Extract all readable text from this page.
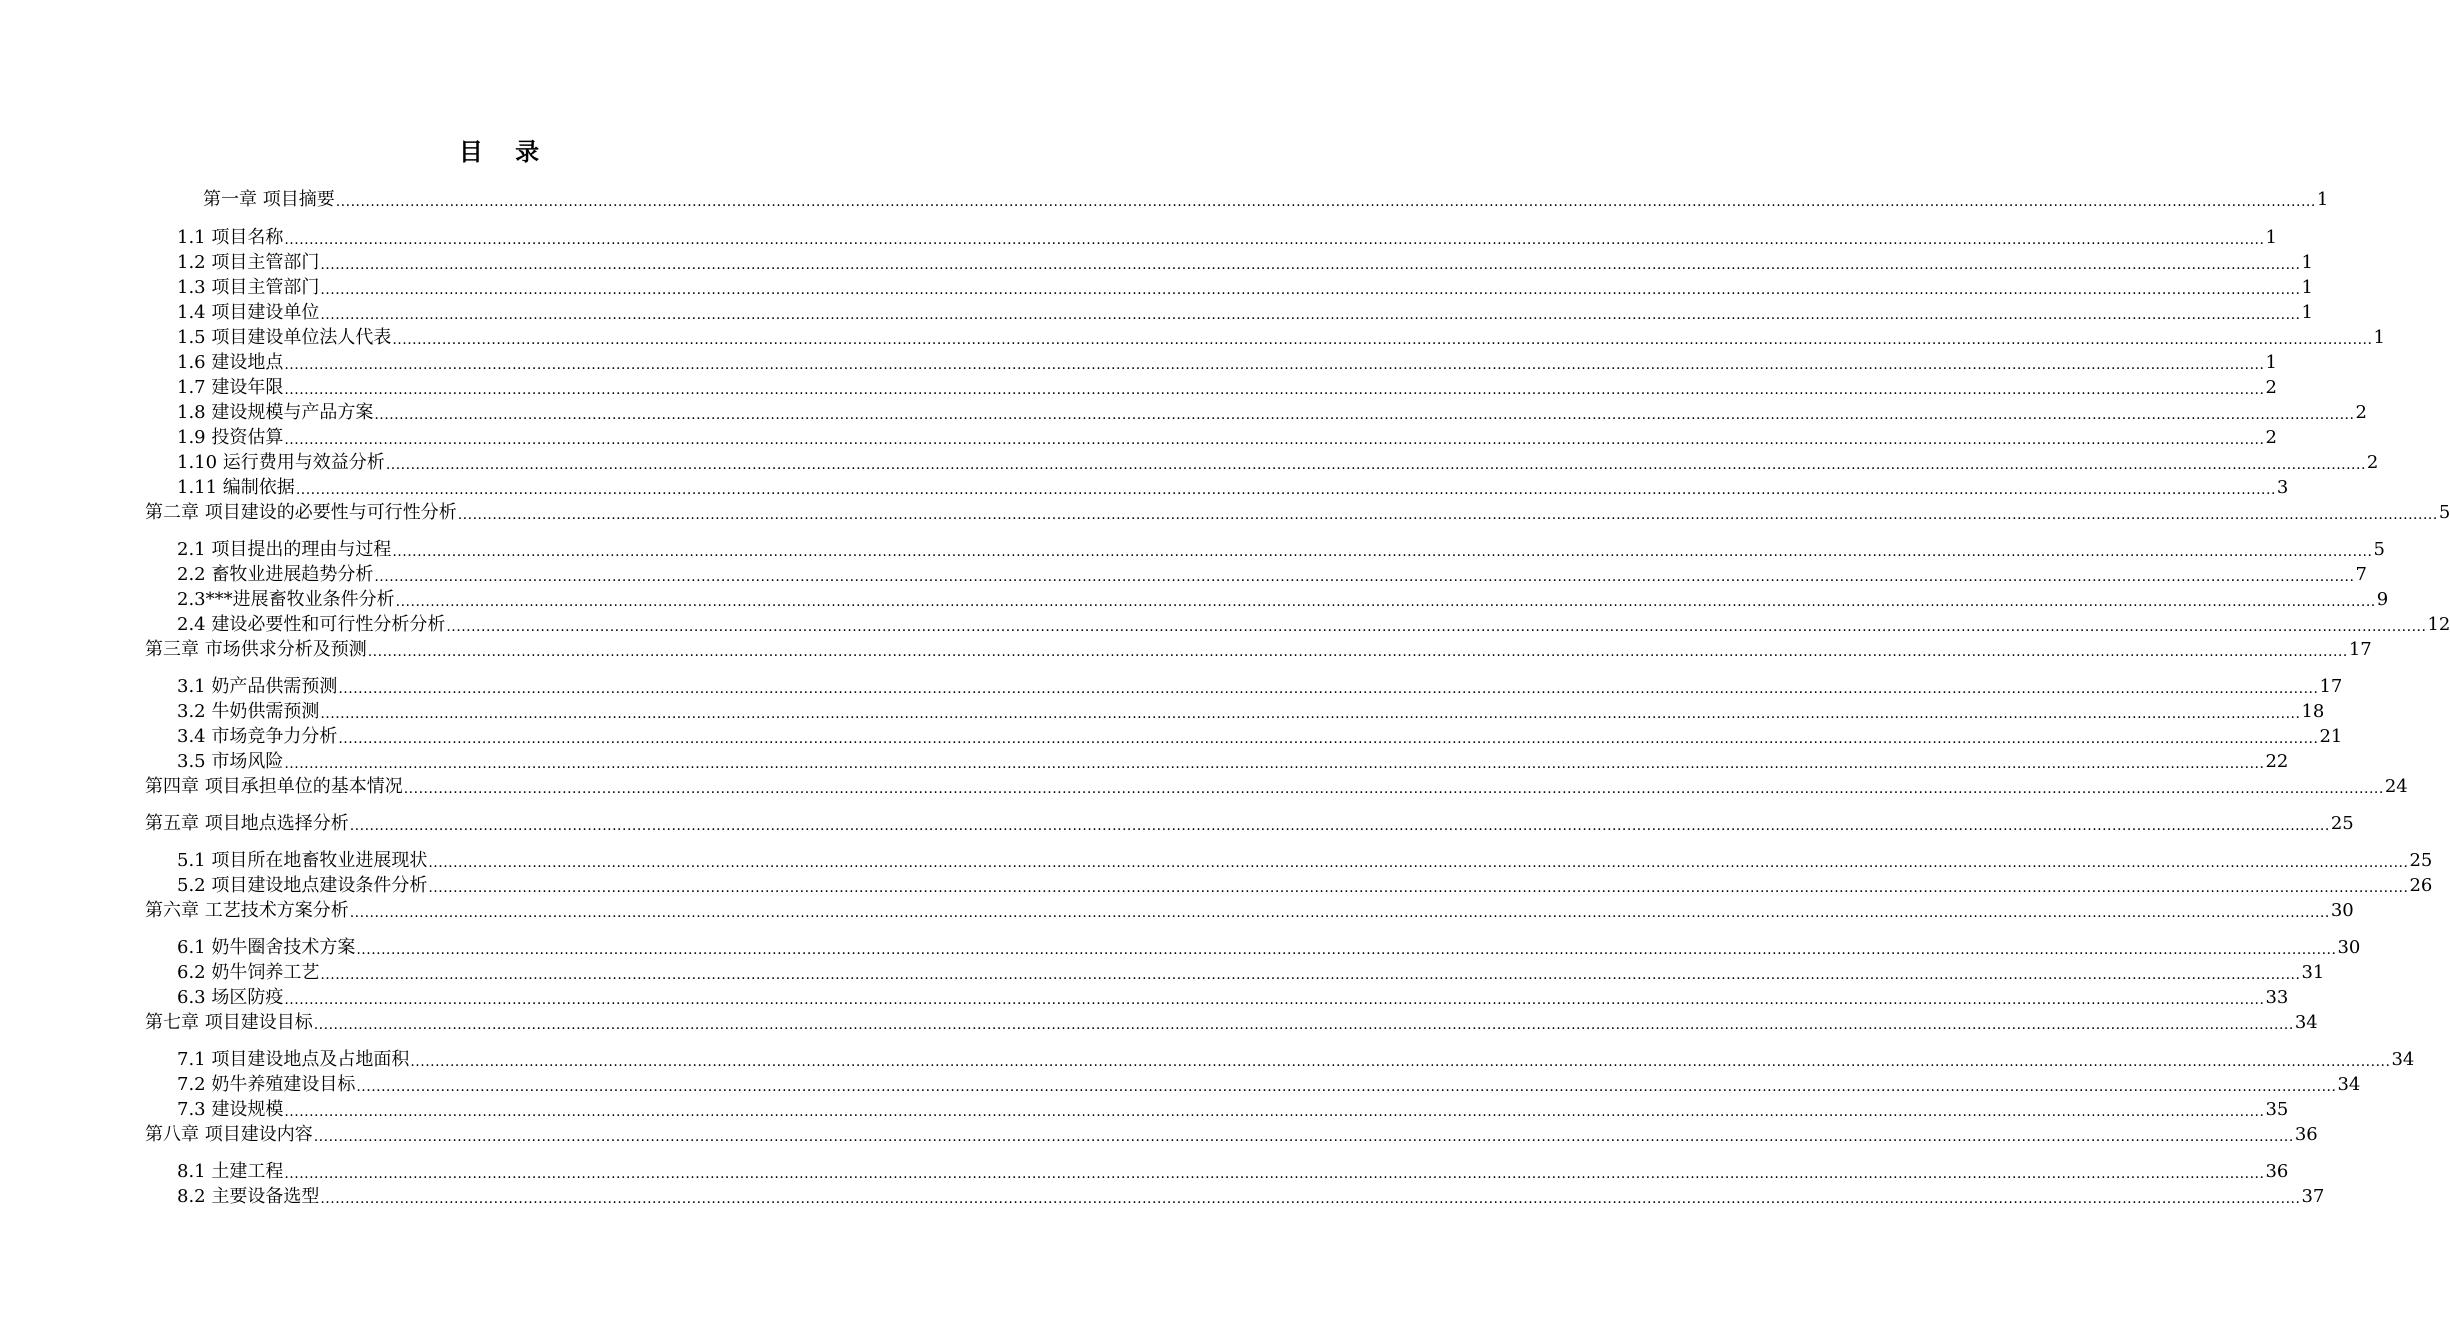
目 录
第一章 项目摘要 ................................................................................................................................................................................................................................................................................................................................................................................................................ 1
1.1 项目名称 ................................................................................................................................................................................................................................................................................................................................................................................................................ 1
1.2 项目主管部门 ................................................................................................................................................................................................................................................................................................................................................................................................................ 1
1.3 项目主管部门 ................................................................................................................................................................................................................................................................................................................................................................................................................ 1
1.4 项目建设单位 ................................................................................................................................................................................................................................................................................................................................................................................................................ 1
1.5 项目建设单位法人代表 ................................................................................................................................................................................................................................................................................................................................................................................................................ 1
1.6 建设地点 ................................................................................................................................................................................................................................................................................................................................................................................................................ 1
1.7 建设年限 ................................................................................................................................................................................................................................................................................................................................................................................................................ 2
1.8 建设规模与产品方案 ................................................................................................................................................................................................................................................................................................................................................................................................................ 2
1.9 投资估算 ................................................................................................................................................................................................................................................................................................................................................................................................................ 2
1.10 运行费用与效益分析 ................................................................................................................................................................................................................................................................................................................................................................................................................ 2
1.11 编制依据 ................................................................................................................................................................................................................................................................................................................................................................................................................ 3
第二章 项目建设的必要性与可行性分析 ................................................................................................................................................................................................................................................................................................................................................................................................................ 5
2.1 项目提出的理由与过程 ................................................................................................................................................................................................................................................................................................................................................................................................................ 5
2.2 畜牧业进展趋势分析 ................................................................................................................................................................................................................................................................................................................................................................................................................ 7
2.3***进展畜牧业条件分析 ................................................................................................................................................................................................................................................................................................................................................................................................................ 9
2.4 建设必要性和可行性分析分析 ................................................................................................................................................................................................................................................................................................................................................................................................................ 12
第三章 市场供求分析及预测 ................................................................................................................................................................................................................................................................................................................................................................................................................ 17
3.1 奶产品供需预测 ................................................................................................................................................................................................................................................................................................................................................................................................................ 17
3.2 牛奶供需预测 ................................................................................................................................................................................................................................................................................................................................................................................................................ 18
3.4 市场竞争力分析 ................................................................................................................................................................................................................................................................................................................................................................................................................ 21
3.5 市场风险 ................................................................................................................................................................................................................................................................................................................................................................................................................ 22
第四章 项目承担单位的基本情况 ................................................................................................................................................................................................................................................................................................................................................................................................................ 24
第五章 项目地点选择分析 ................................................................................................................................................................................................................................................................................................................................................................................................................ 25
5.1 项目所在地畜牧业进展现状 ................................................................................................................................................................................................................................................................................................................................................................................................................ 25
5.2 项目建设地点建设条件分析 ................................................................................................................................................................................................................................................................................................................................................................................................................ 26
第六章 工艺技术方案分析 ................................................................................................................................................................................................................................................................................................................................................................................................................ 30
6.1 奶牛圈舍技术方案 ................................................................................................................................................................................................................................................................................................................................................................................................................ 30
6.2 奶牛饲养工艺 ................................................................................................................................................................................................................................................................................................................................................................................................................ 31
6.3 场区防疫 ................................................................................................................................................................................................................................................................................................................................................................................................................ 33
第七章 项目建设目标 ................................................................................................................................................................................................................................................................................................................................................................................................................ 34
7.1 项目建设地点及占地面积 ................................................................................................................................................................................................................................................................................................................................................................................................................ 34
7.2 奶牛养殖建设目标 ................................................................................................................................................................................................................................................................................................................................................................................................................ 34
7.3 建设规模 ................................................................................................................................................................................................................................................................................................................................................................................................................ 35
第八章 项目建设内容 ................................................................................................................................................................................................................................................................................................................................................................................................................ 36
8.1 土建工程 ................................................................................................................................................................................................................................................................................................................................................................................................................ 36
8.2 主要设备选型 ................................................................................................................................................................................................................................................................................................................................................................................................................ 37
